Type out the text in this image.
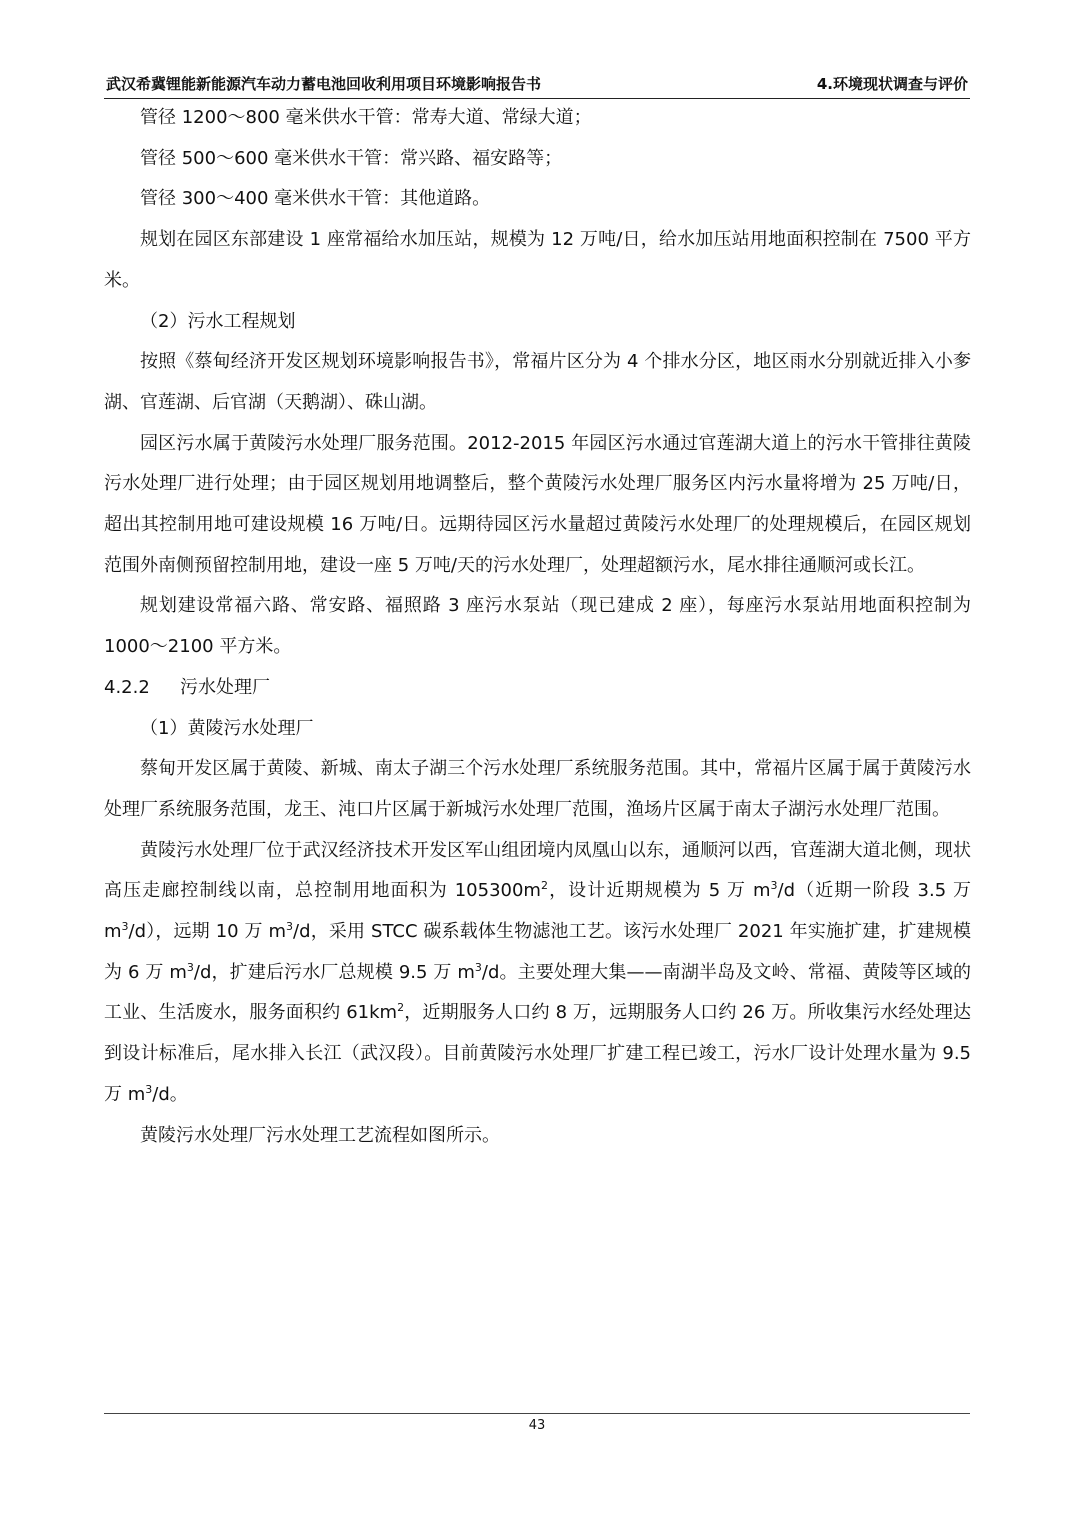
武汉希冀锂能新能源汽车动力蓄电池回收利用项目环境影响报告书	4.环境现状调查与评价

管径 1200～800 毫米供水干管：常寿大道、常绿大道；

管径 500～600 毫米供水干管：常兴路、福安路等；

管径 300～400 毫米供水干管：其他道路。

规划在园区东部建设 1 座常福给水加压站，规模为 12 万吨/日，给水加压站用地面积控制在 7500 平方米。

（2）污水工程规划

按照《蔡甸经济开发区规划环境影响报告书》，常福片区分为 4 个排水分区，地区雨水分别就近排入小奓湖、官莲湖、后官湖（天鹅湖）、硃山湖。

园区污水属于黄陵污水处理厂服务范围。2012-2015 年园区污水通过官莲湖大道上的污水干管排往黄陵污水处理厂进行处理；由于园区规划用地调整后，整个黄陵污水处理厂服务区内污水量将增为 25 万吨/日，超出其控制用地可建设规模 16 万吨/日。远期待园区污水量超过黄陵污水处理厂的处理规模后，在园区规划范围外南侧预留控制用地，建设一座 5 万吨/天的污水处理厂，处理超额污水，尾水排往通顺河或长江。

规划建设常福六路、常安路、福照路 3 座污水泵站（现已建成 2 座），每座污水泵站用地面积控制为 1000～2100 平方米。

4.2.2 污水处理厂

（1）黄陵污水处理厂

蔡甸开发区属于黄陵、新城、南太子湖三个污水处理厂系统服务范围。其中，常福片区属于属于黄陵污水处理厂系统服务范围，龙王、沌口片区属于新城污水处理厂范围，渔场片区属于南太子湖污水处理厂范围。

黄陵污水处理厂位于武汉经济技术开发区军山组团境内凤凰山以东，通顺河以西，官莲湖大道北侧，现状高压走廊控制线以南，总控制用地面积为 $105300m^2$，设计近期规模为 5 万 $m^3/d$（近期一阶段 3.5 万 $m^3/d$），远期 10 万 $m^3/d$，采用 STCC 碳系载体生物滤池工艺。该污水处理厂 2021 年实施扩建，扩建规模为 6 万 $m^3/d$，扩建后污水厂总规模 9.5 万 $m^3/d$。主要处理大集——南湖半岛及文岭、常福、黄陵等区域的工业、生活废水，服务面积约 $61km^2$，近期服务人口约 8 万，远期服务人口约 26 万。所收集污水经处理达到设计标准后，尾水排入长江（武汉段）。目前黄陵污水处理厂扩建工程已竣工，污水厂设计处理水量为 9.5 万 $m^3/d$。

黄陵污水处理厂污水处理工艺流程如图所示。

43
